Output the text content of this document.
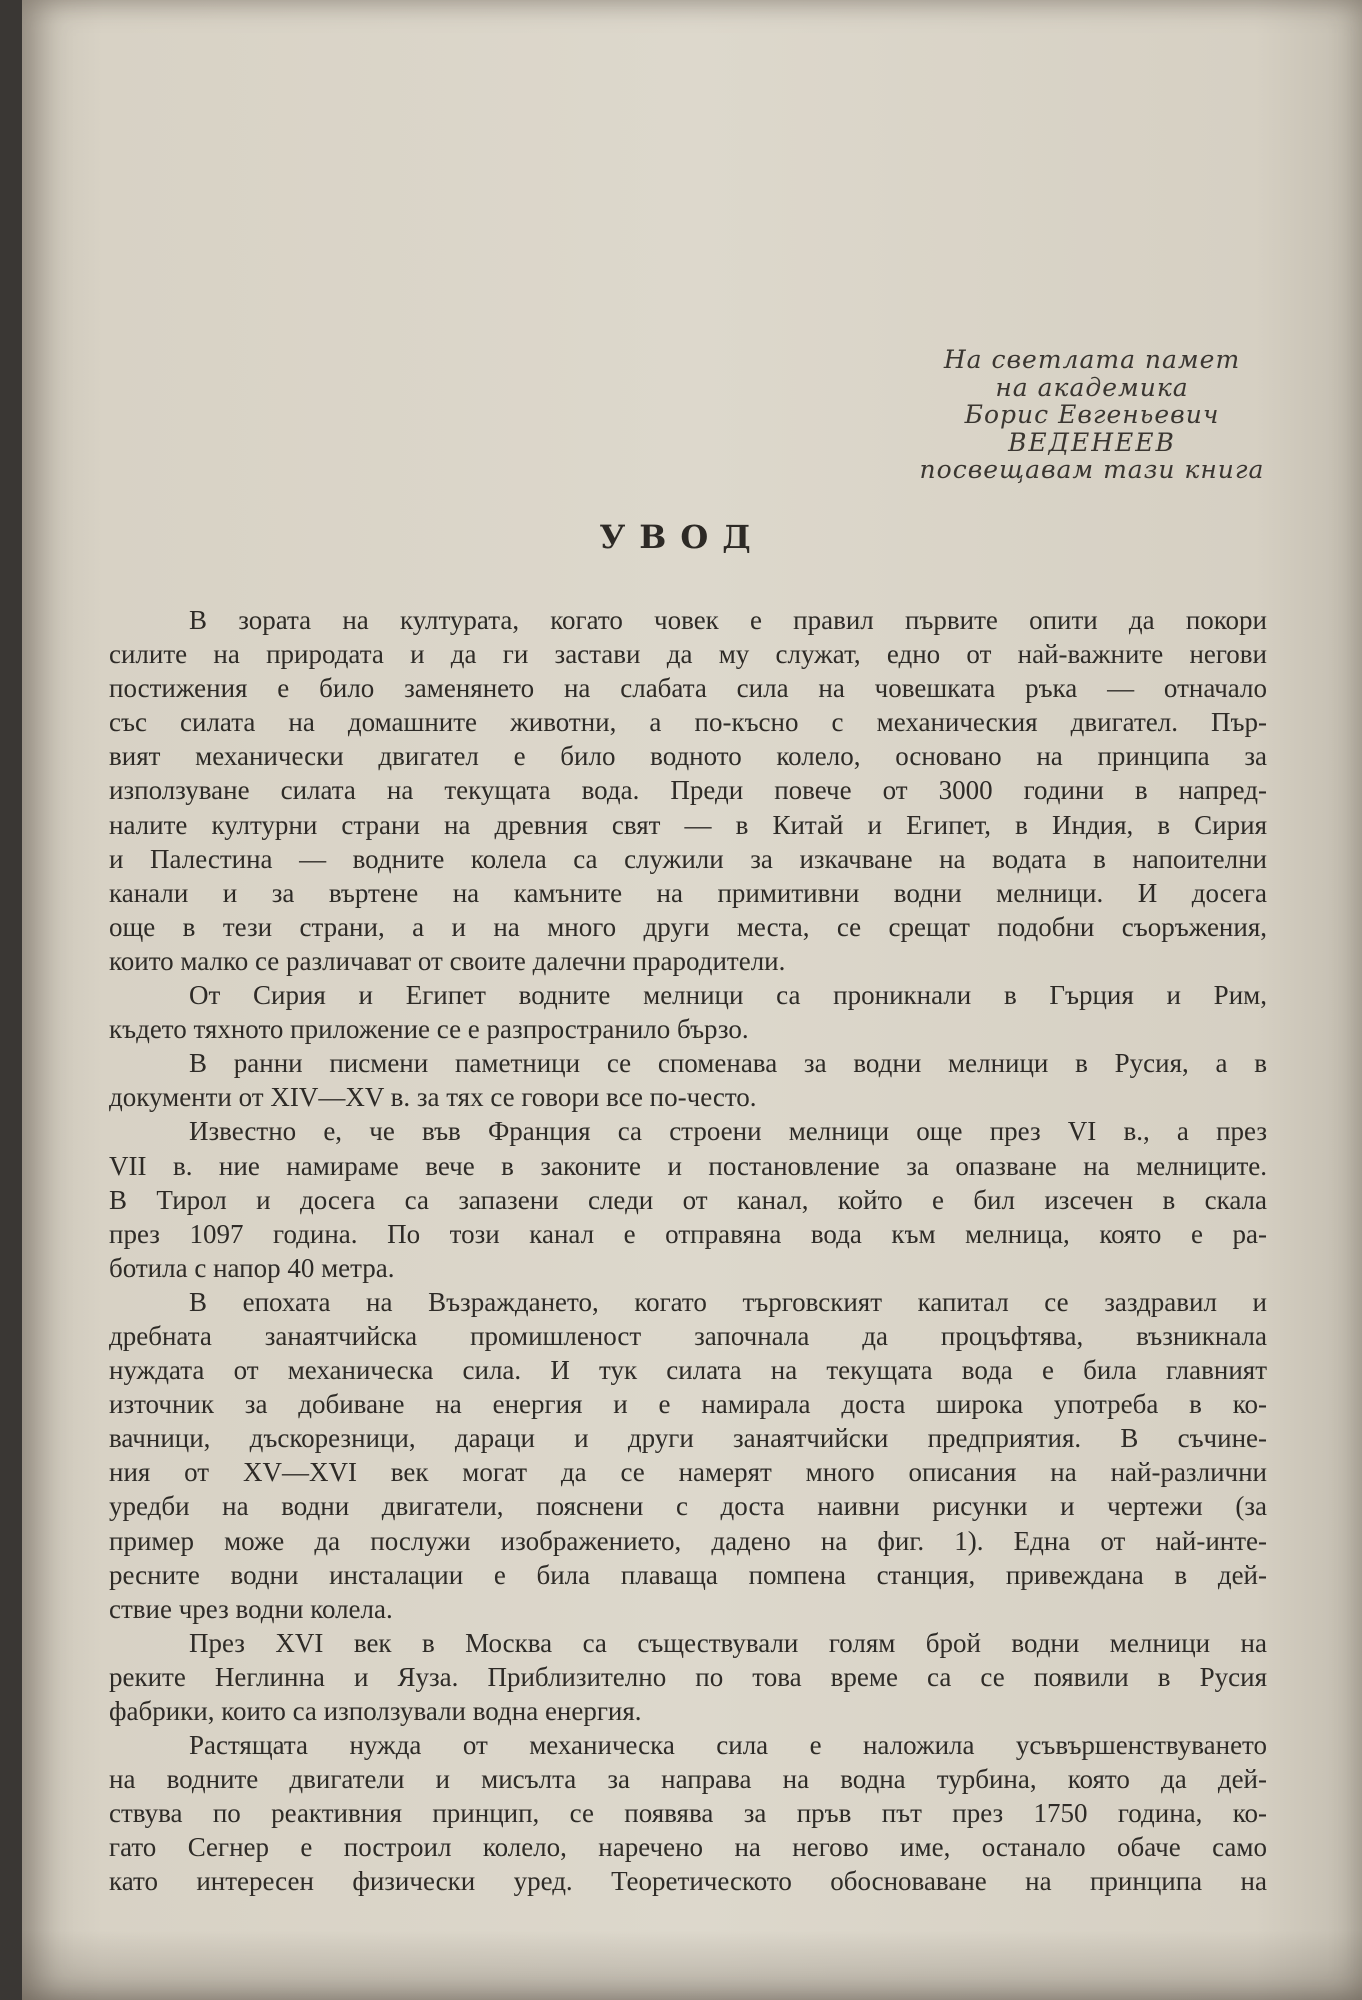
На светлата памет
на академика
Борис Евгеньевич
ВЕДЕНЕЕВ
посвещавам тази книга
УВОД
В зората на културата, когато човек е правил първите опити да покори
силите на природата и да ги застави да му служат, едно от най-важните негови
постижения е било заменянето на слабата сила на човешката ръка — отначало
със силата на домашните животни, а по-късно с механическия двигател. Пър-
вият механически двигател е било водното колело, основано на принципа за
използуване силата на текущата вода. Преди повече от 3000 години в напред-
налите културни страни на древния свят — в Китай и Египет, в Индия, в Сирия
и Палестина — водните колела са служили за изкачване на водата в напоителни
канали и за въртене на камъните на примитивни водни мелници. И досега
още в тези страни, а и на много други места, се срещат подобни съоръжения,
които малко се различават от своите далечни прародители.
От Сирия и Египет водните мелници са проникнали в Гърция и Рим,
където тяхното приложение се е разпространило бързо.
В ранни писмени паметници се споменава за водни мелници в Русия, а в
документи от XIV—XV в. за тях се говори все по-често.
Известно е, че във Франция са строени мелници още през VI в., а през
VII в. ние намираме вече в законите и постановление за опазване на мелниците.
В Тирол и досега са запазени следи от канал, който е бил изсечен в скала
през 1097 година. По този канал е отправяна вода към мелница, която е ра-
ботила с напор 40 метра.
В епохата на Възраждането, когато търговският капитал се заздравил и
дребната занаятчийска промишленост започнала да процъфтява, възникнала
нуждата от механическа сила. И тук силата на текущата вода е била главният
източник за добиване на енергия и е намирала доста широка употреба в ко-
вачници, дъскорезници, дараци и други занаятчийски предприятия. В съчине-
ния от XV—XVI век могат да се намерят много описания на най-различни
уредби на водни двигатели, пояснени с доста наивни рисунки и чертежи (за
пример може да послужи изображението, дадено на фиг. 1). Една от най-инте-
ресните водни инсталации е била плаваща помпена станция, привеждана в дей-
ствие чрез водни колела.
През XVI век в Москва са съществували голям брой водни мелници на
реките Неглинна и Яуза. Приблизително по това време са се появили в Русия
фабрики, които са използували водна енергия.
Растящата нужда от механическа сила е наложила усъвършенствуването
на водните двигатели и мисълта за направа на водна турбина, която да дей-
ствува по реактивния принцип, се появява за пръв път през 1750 година, ко-
гато Сегнер е построил колело, наречено на негово име, останало обаче само
като интересен физически уред. Теоретическото обосноваване на принципа на
